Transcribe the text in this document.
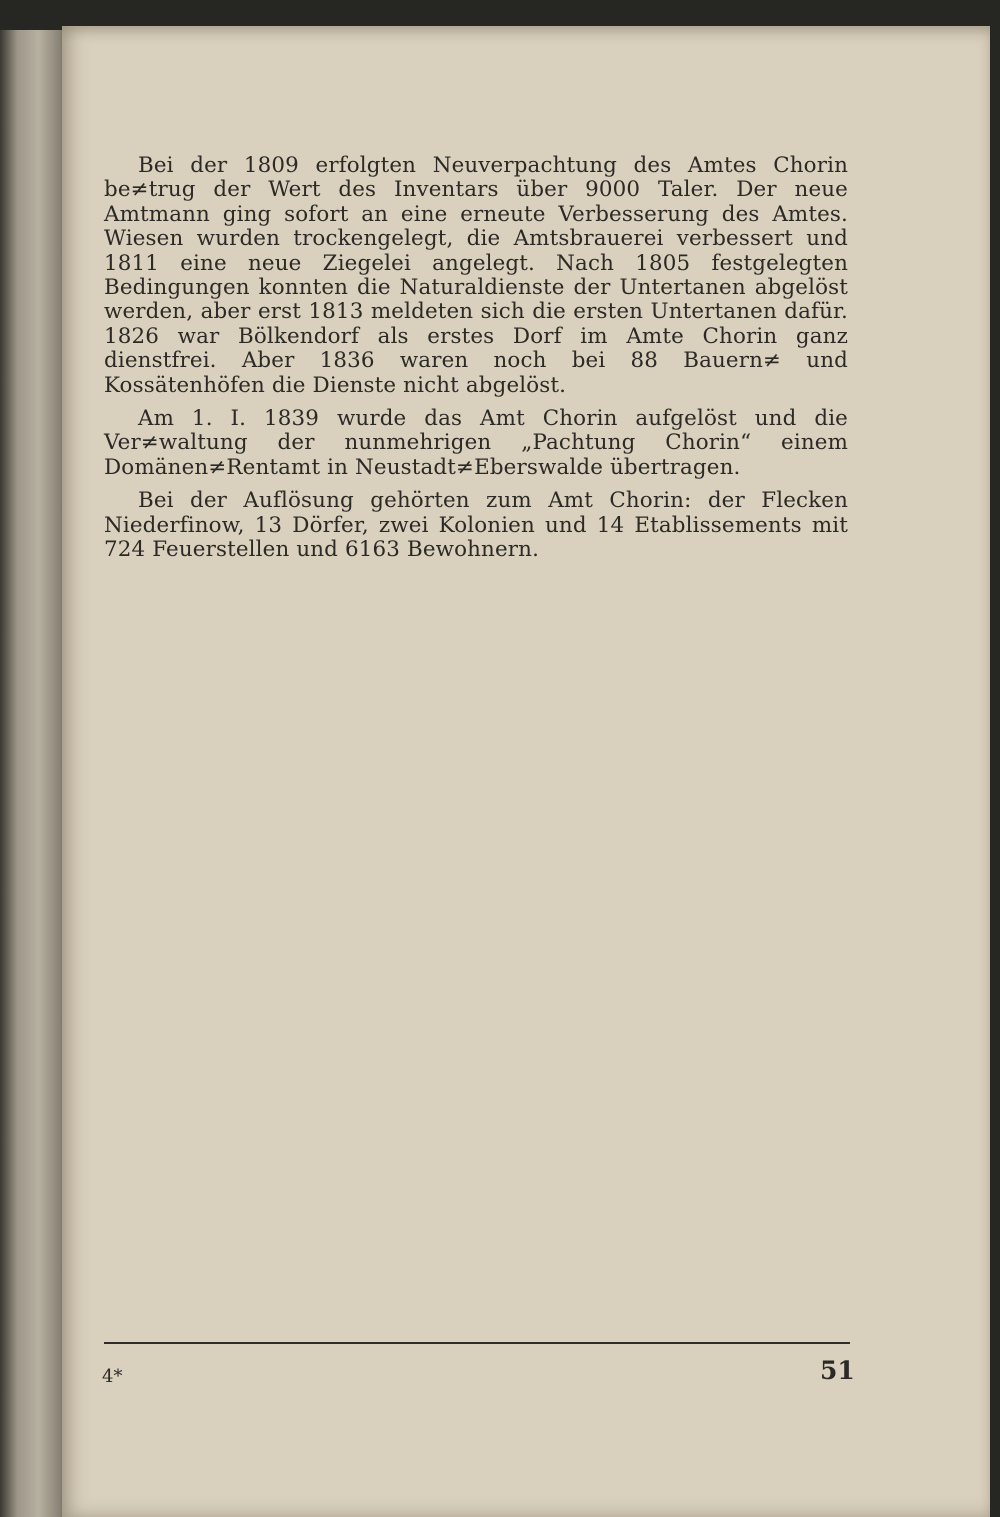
Bei der 1809 erfolgten Neuverpachtung des Amtes Chorin be≠trug der Wert des Inventars über 9000 Taler. Der neue Amtmann ging sofort an eine erneute Verbesserung des Amtes. Wiesen wurden trockengelegt, die Amtsbrauerei verbessert und 1811 eine neue Ziegelei angelegt. Nach 1805 festgelegten Bedingungen konnten die Naturaldienste der Untertanen abgelöst werden, aber erst 1813 meldeten sich die ersten Untertanen dafür. 1826 war Bölkendorf als erstes Dorf im Amte Chorin ganz dienstfrei. Aber 1836 waren noch bei 88 Bauern≠ und Kossätenhöfen die Dienste nicht abgelöst.

Am 1. I. 1839 wurde das Amt Chorin aufgelöst und die Ver≠waltung der nunmehrigen „Pachtung Chorin“ einem Domänen≠Rentamt in Neustadt≠Eberswalde übertragen.

Bei der Auflösung gehörten zum Amt Chorin: der Flecken Niederfinow, 13 Dörfer, zwei Kolonien und 14 Etablissements mit 724 Feuerstellen und 6163 Bewohnern.

4*	51
